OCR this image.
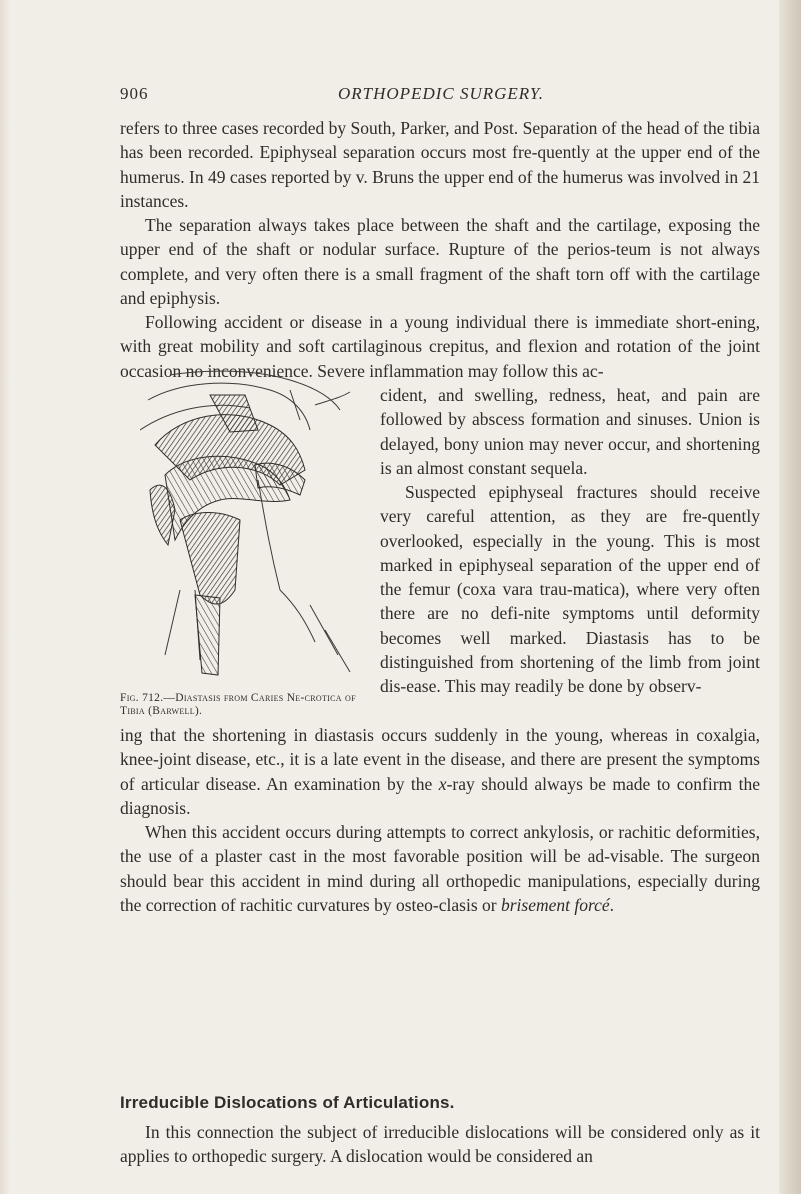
906	ORTHOPEDIC SURGERY.

refers to three cases recorded by South, Parker, and Post. Separation of the head of the tibia has been recorded. Epiphyseal separation occurs most fre-quently at the upper end of the humerus. In 49 cases reported by v. Bruns the upper end of the humerus was involved in 21 instances.

The separation always takes place between the shaft and the cartilage, exposing the upper end of the shaft or nodular surface. Rupture of the perios-teum is not always complete, and very often there is a small fragment of the shaft torn off with the cartilage and epiphysis.

Following accident or disease in a young individual there is immediate short-ening, with great mobility and soft cartilaginous crepitus, and flexion and rotation of the joint occasion no inconvenience. Severe inflammation may follow this ac-

cident, and swelling, redness, heat, and pain are followed by abscess formation and sinuses. Union is delayed, bony union may never occur, and shortening is an almost constant sequela.

Suspected epiphyseal fractures should receive very careful attention, as they are fre-quently overlooked, especially in the young. This is most marked in epiphyseal separation of the upper end of the femur (coxa vara trau-matica), where very often there are no defi-nite symptoms until deformity becomes well marked. Diastasis has to be distinguished from shortening of the limb from joint dis-ease. This may readily be done by observ-

ing that the shortening in diastasis occurs suddenly in the young, whereas in coxalgia, knee-joint disease, etc., it is a late event in the disease, and there are present the symptoms of articular disease. An examination by the x-ray should always be made to confirm the diagnosis.

When this accident occurs during attempts to correct ankylosis, or rachitic deformities, the use of a plaster cast in the most favorable position will be ad-visable. The surgeon should bear this accident in mind during all orthopedic manipulations, especially during the correction of rachitic curvatures by osteo-clasis or brisement forcé.

Irreducible Dislocations of Articulations.

In this connection the subject of irreducible dislocations will be considered only as it applies to orthopedic surgery. A dislocation would be considered an

Fig. 712.—Diastasis from Caries Ne-crotica of Tibia (Barwell).
